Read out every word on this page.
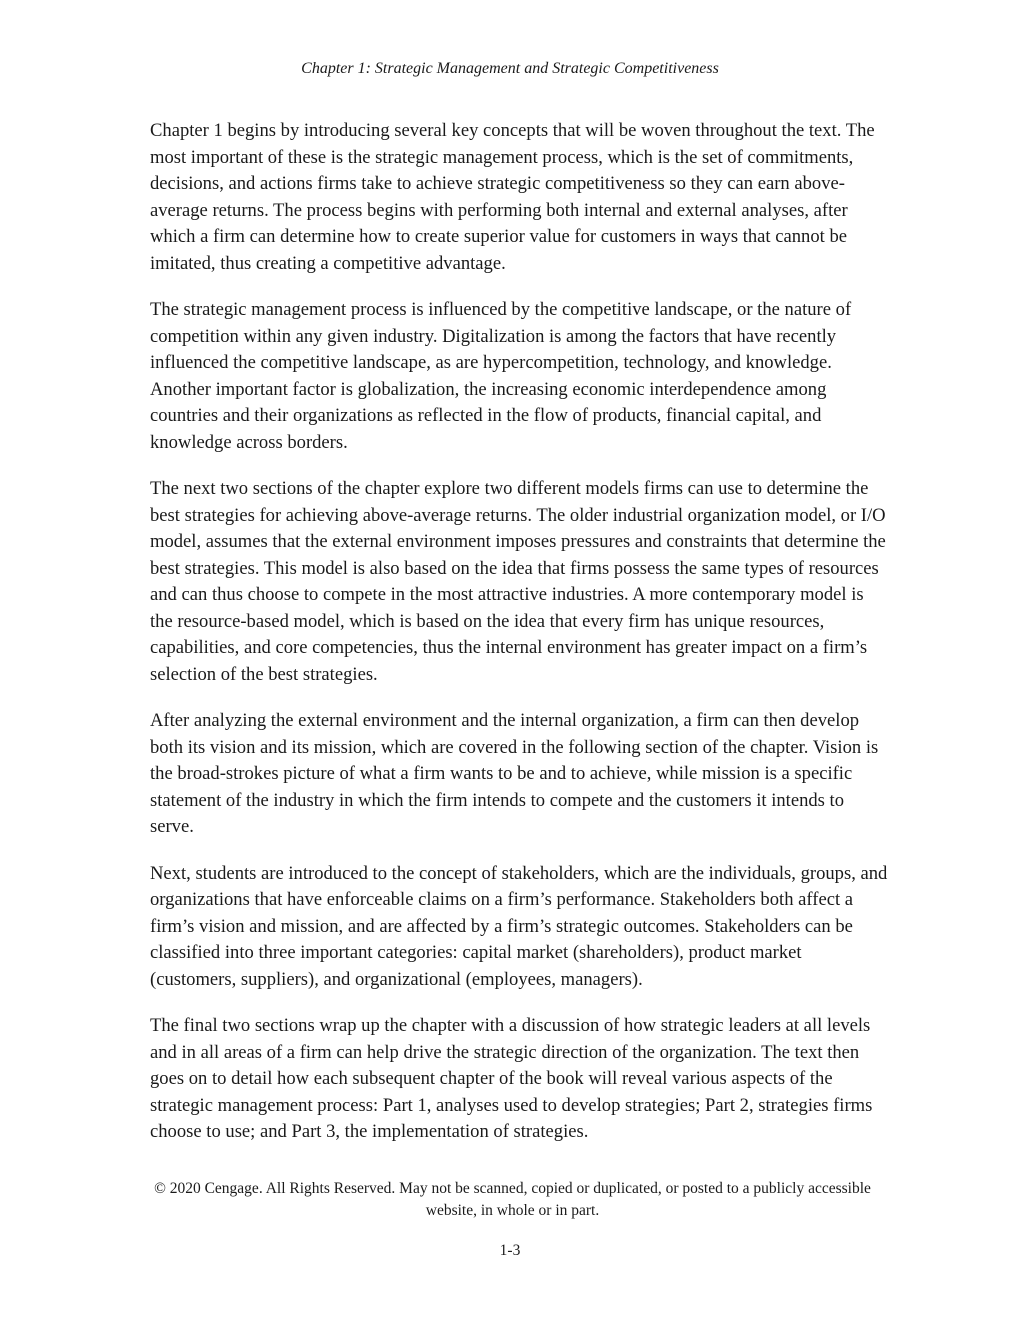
Chapter 1: Strategic Management and Strategic Competitiveness

Chapter 1 begins by introducing several key concepts that will be woven throughout the text. The most important of these is the strategic management process, which is the set of commitments, decisions, and actions firms take to achieve strategic competitiveness so they can earn above-average returns. The process begins with performing both internal and external analyses, after which a firm can determine how to create superior value for customers in ways that cannot be imitated, thus creating a competitive advantage.

The strategic management process is influenced by the competitive landscape, or the nature of competition within any given industry. Digitalization is among the factors that have recently influenced the competitive landscape, as are hypercompetition, technology, and knowledge. Another important factor is globalization, the increasing economic interdependence among countries and their organizations as reflected in the flow of products, financial capital, and knowledge across borders.

The next two sections of the chapter explore two different models firms can use to determine the best strategies for achieving above-average returns. The older industrial organization model, or I/O model, assumes that the external environment imposes pressures and constraints that determine the best strategies. This model is also based on the idea that firms possess the same types of resources and can thus choose to compete in the most attractive industries. A more contemporary model is the resource-based model, which is based on the idea that every firm has unique resources, capabilities, and core competencies, thus the internal environment has greater impact on a firm’s selection of the best strategies.

After analyzing the external environment and the internal organization, a firm can then develop both its vision and its mission, which are covered in the following section of the chapter. Vision is the broad-strokes picture of what a firm wants to be and to achieve, while mission is a specific statement of the industry in which the firm intends to compete and the customers it intends to serve.

Next, students are introduced to the concept of stakeholders, which are the individuals, groups, and organizations that have enforceable claims on a firm’s performance. Stakeholders both affect a firm’s vision and mission, and are affected by a firm’s strategic outcomes. Stakeholders can be classified into three important categories: capital market (shareholders), product market (customers, suppliers), and organizational (employees, managers).

The final two sections wrap up the chapter with a discussion of how strategic leaders at all levels and in all areas of a firm can help drive the strategic direction of the organization. The text then goes on to detail how each subsequent chapter of the book will reveal various aspects of the strategic management process: Part 1, analyses used to develop strategies; Part 2, strategies firms choose to use; and Part 3, the implementation of strategies.

© 2020 Cengage. All Rights Reserved. May not be scanned, copied or duplicated, or posted to a publicly accessible website, in whole or in part.
1-3
